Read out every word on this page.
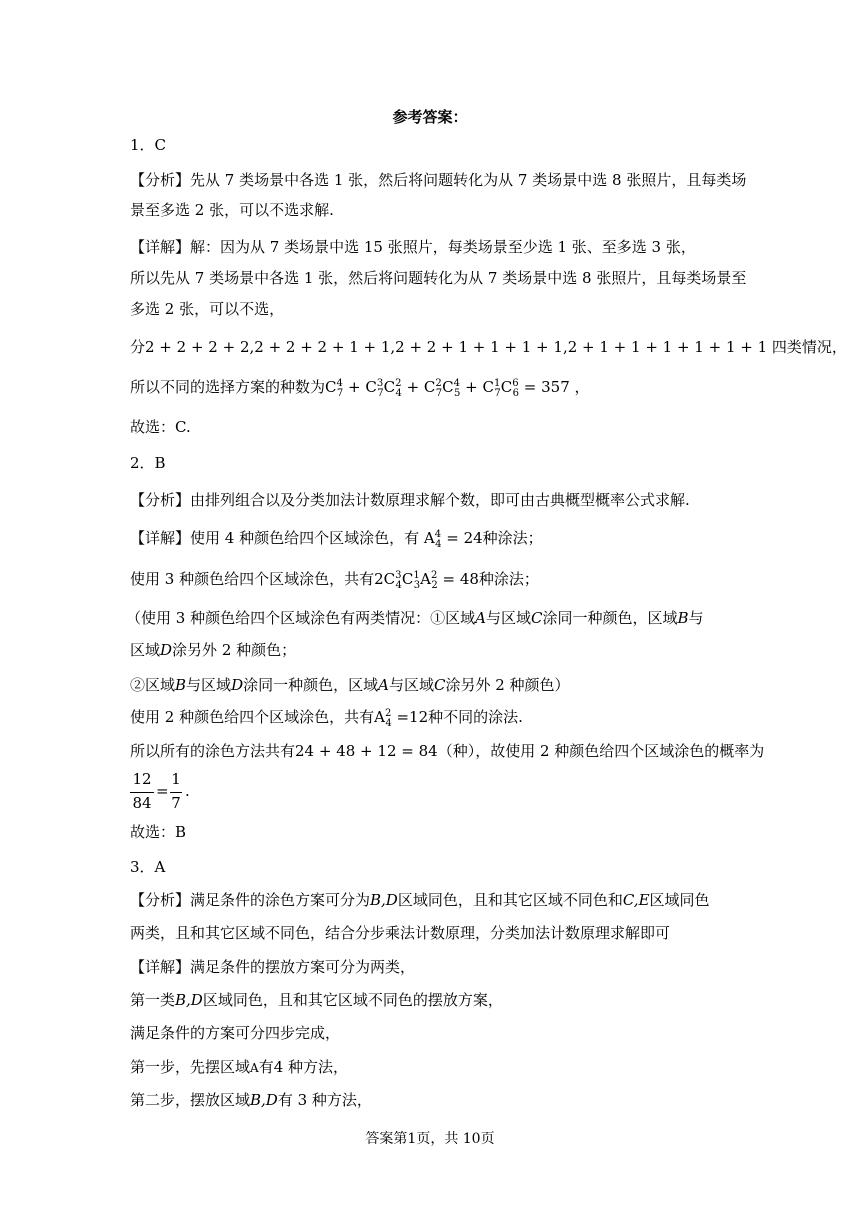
参考答案：
1．C
【分析】先从 7 类场景中各选 1 张，然后将问题转化为从 7 类场景中选 8 张照片，且每类场
景至多选 2 张，可以不选求解.
【详解】解：因为从 7 类场景中选 15 张照片，每类场景至少选 1 张、至多选 3 张，
所以先从 7 类场景中各选 1 张，然后将问题转化为从 7 类场景中选 8 张照片，且每类场景至
多选 2 张，可以不选，
分2 + 2 + 2 + 2,2 + 2 + 2 + 1 + 1,2 + 2 + 1 + 1 + 1 + 1,2 + 1 + 1 + 1 + 1 + 1 + 1 四类情况，
所以不同的选择方案的种数为$C^4_7 + C^3_7C^2_4 + C^2_7C^4_5 + C^1_7C^6_6 = 357$ ，
故选：C.
2．B
【分析】由排列组合以及分类加法计数原理求解个数，即可由古典概型概率公式求解.
【详解】使用 4 种颜色给四个区域涂色，有 $A^4_4 = 24$种涂法；
使用 3 种颜色给四个区域涂色，共有$2C^3_4C^1_3A^2_2 = 48$种涂法；
（使用 3 种颜色给四个区域涂色有两类情况：①区域A与区域C涂同一种颜色，区域B与
区域D涂另外 2 种颜色；
②区域B与区域D涂同一种颜色，区域A与区域C涂另外 2 种颜色）
使用 2 种颜色给四个区域涂色，共有$A^2_4 =12$种不同的涂法.
所以所有的涂色方法共有24 + 48 + 12 = 84（种），故使用 2 种颜色给四个区域涂色的概率为
12
84
=
1
7
.
故选：B
3．A
【分析】满足条件的涂色方案可分为B,D区域同色，且和其它区域不同色和C,E区域同色
两类，且和其它区域不同色，结合分步乘法计数原理，分类加法计数原理求解即可
【详解】满足条件的摆放方案可分为两类，
第一类B,D区域同色，且和其它区域不同色的摆放方案，
满足条件的方案可分四步完成，
第一步，先摆区域A有4 种方法，
第二步，摆放区域B,D有 3 种方法，
答案第1页，共 10页
